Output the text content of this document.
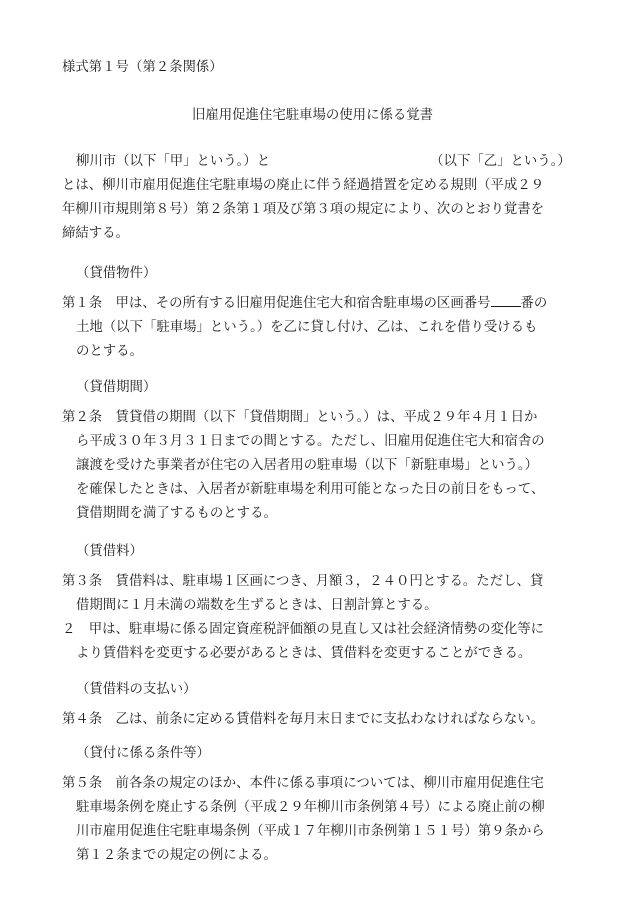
様式第１号（第２条関係）
旧雇用促進住宅駐車場の使用に係る覚書
柳川市（以下「甲」という。）と	（以下「乙」という。）
とは、柳川市雇用促進住宅駐車場の廃止に伴う経過措置を定める規則（平成２９
年柳川市規則第８号）第２条第１項及び第３項の規定により、次のとおり覚書を
締結する。
（貸借物件）
第１条　甲は、その所有する旧雇用促進住宅大和宿舎駐車場の区画番号 番の
土地（以下「駐車場」という。）を乙に貸し付け、乙は、これを借り受けるも
のとする。
（貸借期間）
第２条　賃貸借の期間（以下「貸借期間」という。）は、平成２９年４月１日か
ら平成３０年３月３１日までの間とする。ただし、旧雇用促進住宅大和宿舎の
譲渡を受けた事業者が住宅の入居者用の駐車場（以下「新駐車場」という。）
を確保したときは、入居者が新駐車場を利用可能となった日の前日をもって、
貸借期間を満了するものとする。
（賃借料）
第３条　賃借料は、駐車場１区画につき、月額３，２４０円とする。ただし、貸
借期間に１月未満の端数を生ずるときは、日割計算とする。
２　甲は、駐車場に係る固定資産税評価額の見直し又は社会経済情勢の変化等に
より賃借料を変更する必要があるときは、賃借料を変更することができる。
（賃借料の支払い）
第４条　乙は、前条に定める賃借料を毎月末日までに支払わなければならない。
（貸付に係る条件等）
第５条　前各条の規定のほか、本件に係る事項については、柳川市雇用促進住宅
駐車場条例を廃止する条例（平成２９年柳川市条例第４号）による廃止前の柳
川市雇用促進住宅駐車場条例（平成１７年柳川市条例第１５１号）第９条から
第１２条までの規定の例による。
